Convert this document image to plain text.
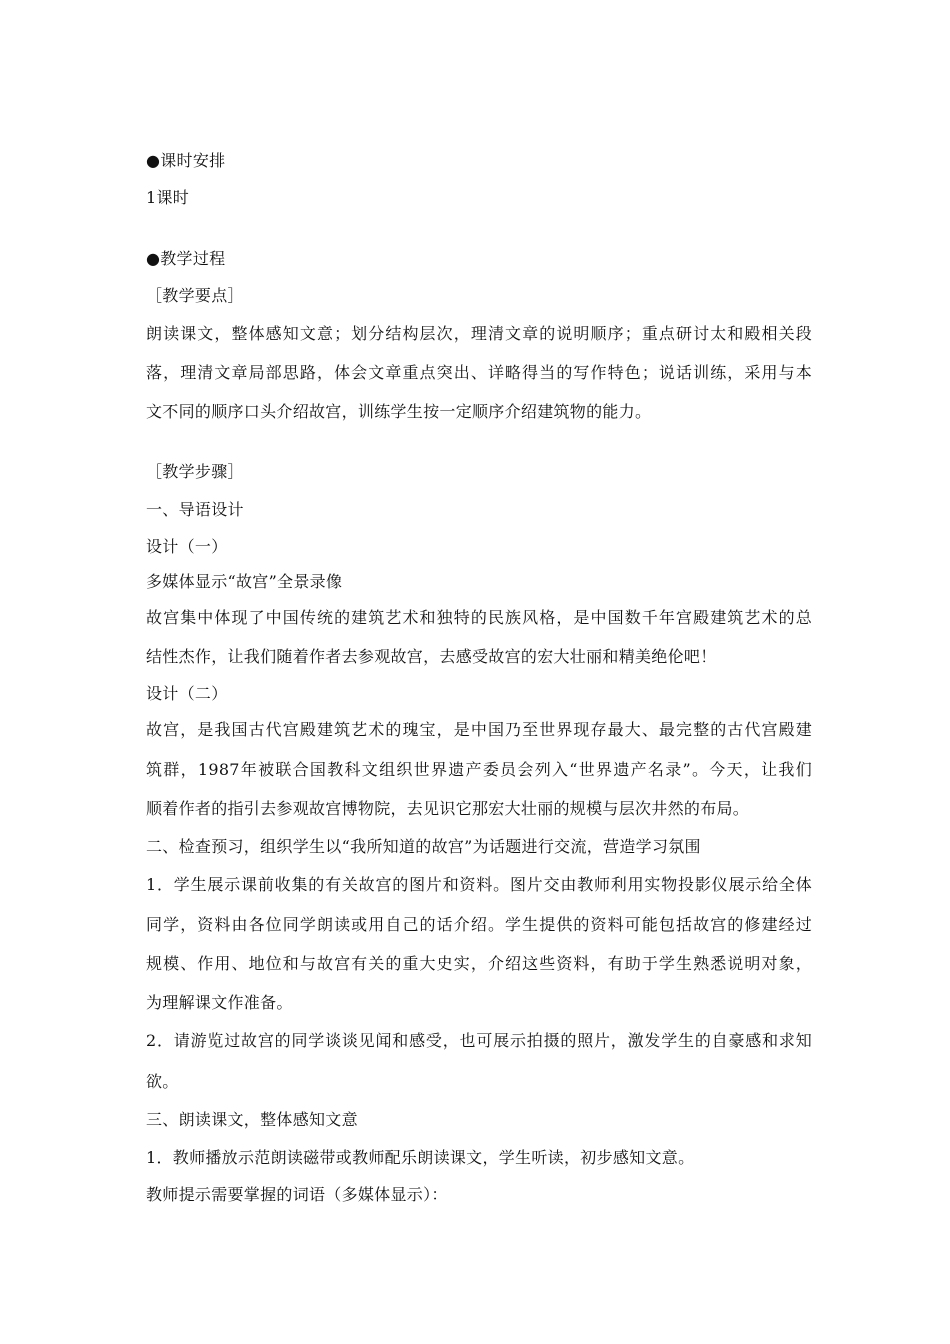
●课时安排
1课时
●教学过程
［教学要点］
朗读课文，整体感知文意；划分结构层次，理清文章的说明顺序；重点研讨太和殿相关段
落，理清文章局部思路，体会文章重点突出、详略得当的写作特色；说话训练，采用与本
文不同的顺序口头介绍故宫，训练学生按一定顺序介绍建筑物的能力。
［教学步骤］
一、导语设计
设计（一）
多媒体显示“故宫”全景录像
故宫集中体现了中国传统的建筑艺术和独特的民族风格，是中国数千年宫殿建筑艺术的总
结性杰作，让我们随着作者去参观故宫，去感受故宫的宏大壮丽和精美绝伦吧！
设计（二）
故宫，是我国古代宫殿建筑艺术的瑰宝，是中国乃至世界现存最大、最完整的古代宫殿建
筑群，1987年被联合国教科文组织世界遗产委员会列入“世界遗产名录”。今天，让我们
顺着作者的指引去参观故宫博物院，去见识它那宏大壮丽的规模与层次井然的布局。
二、检查预习，组织学生以“我所知道的故宫”为话题进行交流，营造学习氛围
1．学生展示课前收集的有关故宫的图片和资料。图片交由教师利用实物投影仪展示给全体
同学，资料由各位同学朗读或用自己的话介绍。学生提供的资料可能包括故宫的修建经过
规模、作用、地位和与故宫有关的重大史实，介绍这些资料，有助于学生熟悉说明对象，
为理解课文作准备。
2．请游览过故宫的同学谈谈见闻和感受，也可展示拍摄的照片，激发学生的自豪感和求知
欲。
三、朗读课文，整体感知文意
1．教师播放示范朗读磁带或教师配乐朗读课文，学生听读，初步感知文意。
教师提示需要掌握的词语（多媒体显示）：
